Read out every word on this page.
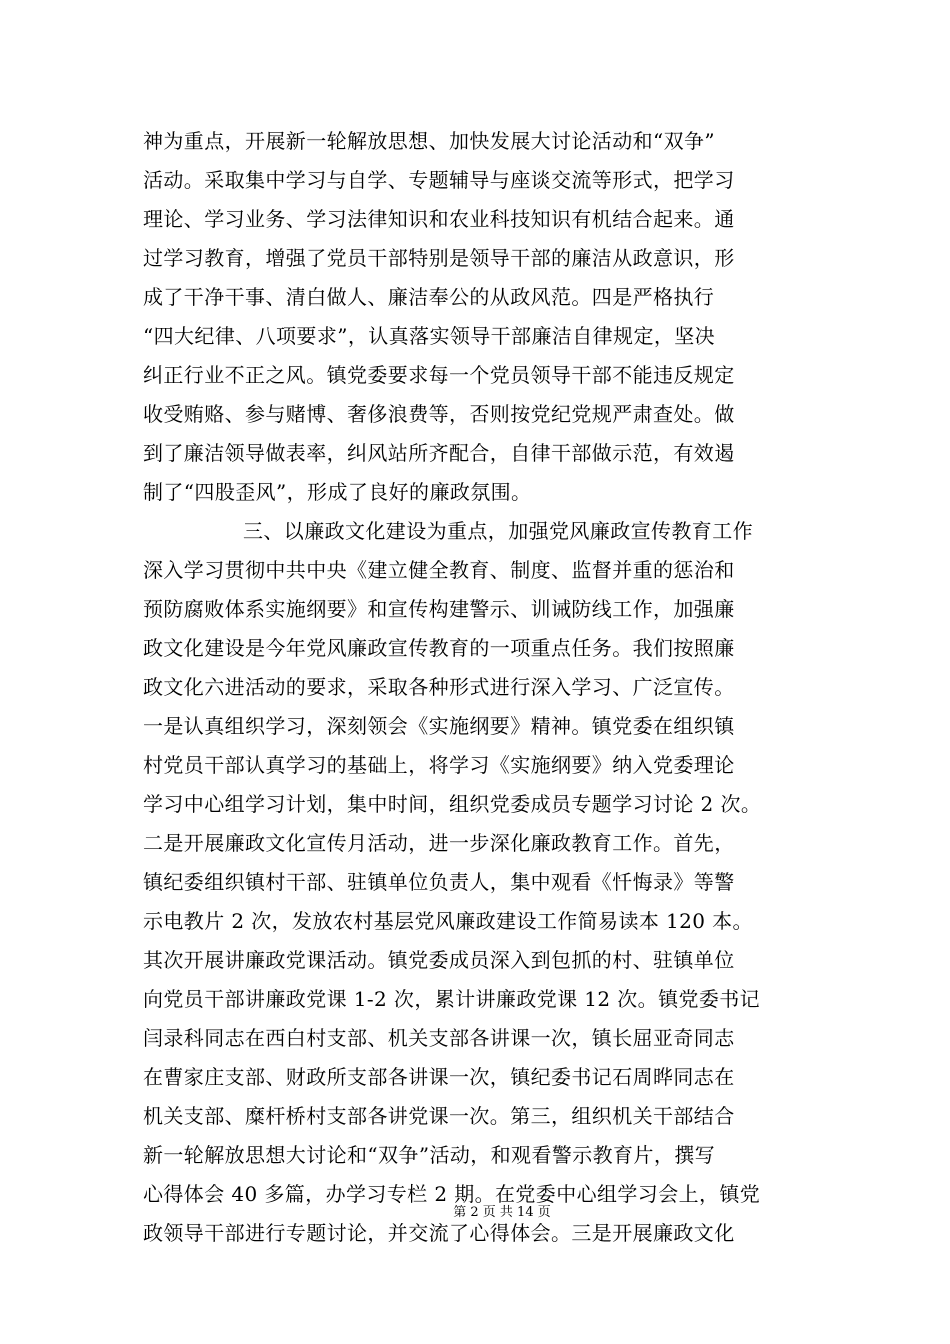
神为重点，开展新一轮解放思想、加快发展大讨论活动和“双争”
活动。采取集中学习与自学、专题辅导与座谈交流等形式，把学习
理论、学习业务、学习法律知识和农业科技知识有机结合起来。通
过学习教育，增强了党员干部特别是领导干部的廉洁从政意识，形
成了干净干事、清白做人、廉洁奉公的从政风范。四是严格执行
“四大纪律、八项要求”，认真落实领导干部廉洁自律规定，坚决
纠正行业不正之风。镇党委要求每一个党员领导干部不能违反规定
收受贿赂、参与赌博、奢侈浪费等，否则按党纪党规严肃查处。做
到了廉洁领导做表率，纠风站所齐配合，自律干部做示范，有效遏
制了“四股歪风”，形成了良好的廉政氛围。
三、以廉政文化建设为重点，加强党风廉政宣传教育工作
深入学习贯彻中共中央《建立健全教育、制度、监督并重的惩治和
预防腐败体系实施纲要》和宣传构建警示、训诫防线工作，加强廉
政文化建设是今年党风廉政宣传教育的一项重点任务。我们按照廉
政文化六进活动的要求，采取各种形式进行深入学习、广泛宣传。
一是认真组织学习，深刻领会《实施纲要》精神。镇党委在组织镇
村党员干部认真学习的基础上，将学习《实施纲要》纳入党委理论
学习中心组学习计划，集中时间，组织党委成员专题学习讨论 2 次。
二是开展廉政文化宣传月活动，进一步深化廉政教育工作。首先，
镇纪委组织镇村干部、驻镇单位负责人，集中观看《忏悔录》等警
示电教片 2 次，发放农村基层党风廉政建设工作简易读本 120 本。
其次开展讲廉政党课活动。镇党委成员深入到包抓的村、驻镇单位
向党员干部讲廉政党课 1-2 次，累计讲廉政党课 12 次。镇党委书记
闫录科同志在西白村支部、机关支部各讲课一次，镇长屈亚奇同志
在曹家庄支部、财政所支部各讲课一次，镇纪委书记石周晔同志在
机关支部、糜杆桥村支部各讲党课一次。第三，组织机关干部结合
新一轮解放思想大讨论和“双争”活动，和观看警示教育片，撰写
心得体会 40 多篇，办学习专栏 2 期。在党委中心组学习会上，镇党
政领导干部进行专题讨论，并交流了心得体会。三是开展廉政文化
第 2 页 共 14 页
